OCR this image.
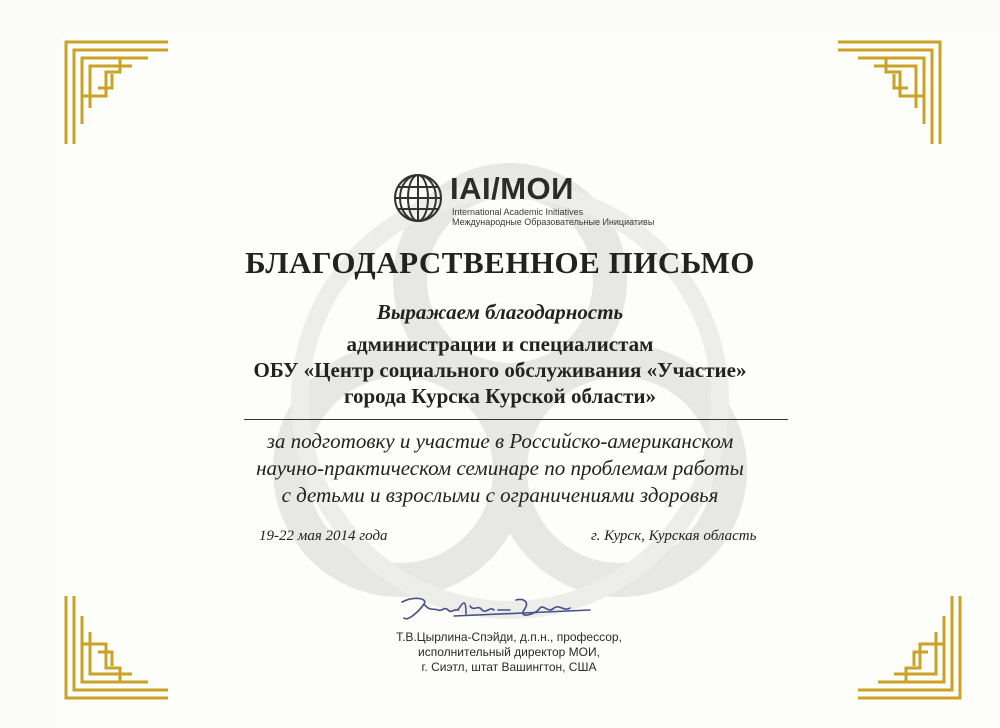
IAI/МОИ
International Academic Initiatives
Международные Образовательные Инициативы
БЛАГОДАРСТВЕННОЕ ПИСЬМО
Выражаем благодарность
администрации и специалистам
ОБУ «Центр социального обслуживания «Участие»
города Курска Курской области»
за подготовку и участие в Российско-американском
научно-практическом семинаре по проблемам работы
с детьми и взрослыми с ограничениями здоровья
19-22 мая 2014 года	г. Курск, Курская область
Т.В.Цырлина-Спэйди, д.п.н., профессор,
исполнительный директор МОИ,
г. Сиэтл, штат Вашингтон, США
